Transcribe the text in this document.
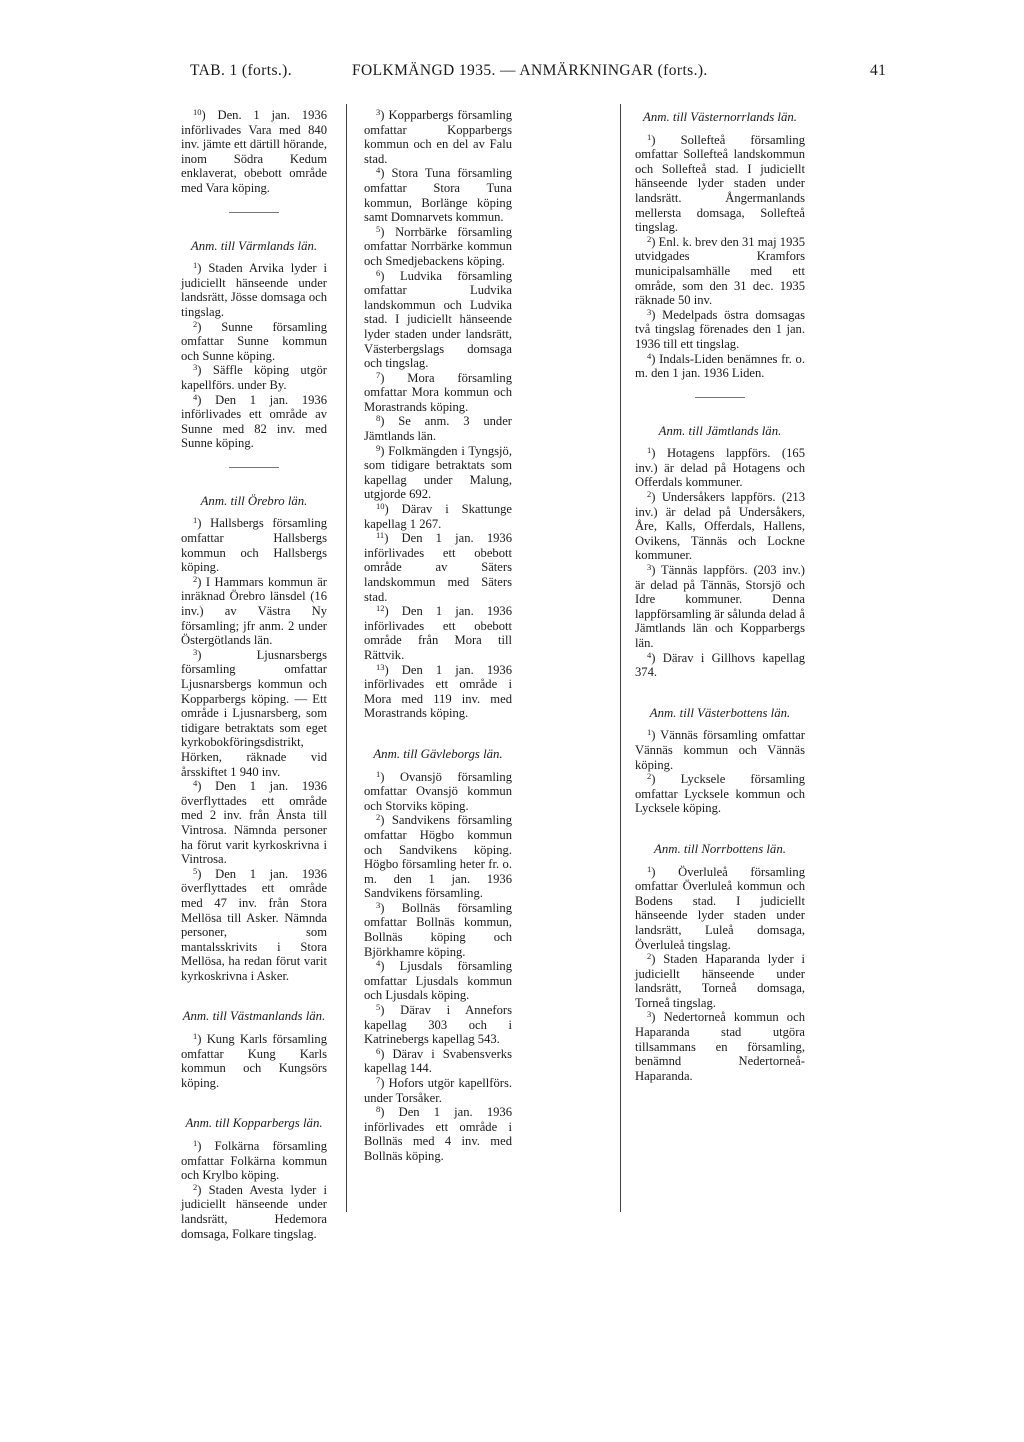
TAB. 1 (forts.).	FOLKMÄNGD 1935. — ANMÄRKNINGAR (forts.).	41

$^{10}$) Den. 1 jan. 1936 införlivades Vara med 840 inv. jämte ett därtill hörande, inom Södra Kedum enklaverat, obebott område med Vara köping.

Anm. till Värmlands län.

$^1$) Staden Arvika lyder i judiciellt hänseende under landsrätt, Jösse domsaga och tingslag.

$^2$) Sunne församling omfattar Sunne kommun och Sunne köping.

$^3$) Säffle köping utgör kapellförs. under By.

$^4$) Den 1 jan. 1936 införlivades ett område av Sunne med 82 inv. med Sunne köping.

Anm. till Örebro län.

$^1$) Hallsbergs församling omfattar Hallsbergs kommun och Hallsbergs köping.

$^2$) I Hammars kommun är inräknad Örebro länsdel (16 inv.) av Västra Ny församling; jfr anm. 2 under Östergötlands län.

$^3$) Ljusnarsbergs församling omfattar Ljusnarsbergs kommun och Kopparbergs köping. — Ett område i Ljusnarsberg, som tidigare betraktats som eget kyrkobokföringsdistrikt, Hörken, räknade vid årsskiftet 1 940 inv.

$^4$) Den 1 jan. 1936 överflyttades ett område med 2 inv. från Ånsta till Vintrosa. Nämnda personer ha förut varit kyrkoskrivna i Vintrosa.

$^5$) Den 1 jan. 1936 överflyttades ett område med 47 inv. från Stora Mellösa till Asker. Nämnda personer, som mantalsskrivits i Stora Mellösa, ha redan förut varit kyrkoskrivna i Asker.

Anm. till Västmanlands län.

$^1$) Kung Karls församling omfattar Kung Karls kommun och Kungsörs köping.

Anm. till Kopparbergs län.

$^1$) Folkärna församling omfattar Folkärna kommun och Krylbo köping.

$^2$) Staden Avesta lyder i judiciellt hänseende under landsrätt, Hedemora domsaga, Folkare tingslag.

$^3$) Kopparbergs församling omfattar Kopparbergs kommun och en del av Falu stad.

$^4$) Stora Tuna församling omfattar Stora Tuna kommun, Borlänge köping samt Domnarvets kommun.

$^5$) Norrbärke församling omfattar Norrbärke kommun och Smedjebackens köping.

$^6$) Ludvika församling omfattar Ludvika landskommun och Ludvika stad. I judiciellt hänseende lyder staden under landsrätt, Västerbergslags domsaga och tingslag.

$^7$) Mora församling omfattar Mora kommun och Morastrands köping.

$^8$) Se anm. 3 under Jämtlands län.

$^9$) Folkmängden i Tyngsjö, som tidigare betraktats som kapellag under Malung, utgjorde 692.

$^{10}$) Därav i Skattunge kapellag 1 267.

$^{11}$) Den 1 jan. 1936 införlivades ett obebott område av Säters landskommun med Säters stad.

$^{12}$) Den 1 jan. 1936 införlivades ett obebott område från Mora till Rättvik.

$^{13}$) Den 1 jan. 1936 införlivades ett område i Mora med 119 inv. med Morastrands köping.

Anm. till Gävleborgs län.

$^1$) Ovansjö församling omfattar Ovansjö kommun och Storviks köping.

$^2$) Sandvikens församling omfattar Högbo kommun och Sandvikens köping. Högbo församling heter fr. o. m. den 1 jan. 1936 Sandvikens församling.

$^3$) Bollnäs församling omfattar Bollnäs kommun, Bollnäs köping och Björkhamre köping.

$^4$) Ljusdals församling omfattar Ljusdals kommun och Ljusdals köping.

$^5$) Därav i Annefors kapellag 303 och i Katrinebergs kapellag 543.

$^6$) Därav i Svabensverks kapellag 144.

$^7$) Hofors utgör kapellförs. under Torsåker.

$^8$) Den 1 jan. 1936 införlivades ett område i Bollnäs med 4 inv. med Bollnäs köping.

Anm. till Västernorrlands län.

$^1$) Sollefteå församling omfattar Sollefteå landskommun och Sollefteå stad. I judiciellt hänseende lyder staden under landsrätt. Ångermanlands mellersta domsaga, Sollefteå tingslag.

$^2$) Enl. k. brev den 31 maj 1935 utvidgades Kramfors municipalsamhälle med ett område, som den 31 dec. 1935 räknade 50 inv.

$^3$) Medelpads östra domsagas två tingslag förenades den 1 jan. 1936 till ett tingslag.

$^4$) Indals-Liden benämnes fr. o. m. den 1 jan. 1936 Liden.

Anm. till Jämtlands län.

$^1$) Hotagens lappförs. (165 inv.) är delad på Hotagens och Offerdals kommuner.

$^2$) Undersåkers lappförs. (213 inv.) är delad på Undersåkers, Åre, Kalls, Offerdals, Hallens, Ovikens, Tännäs och Lockne kommuner.

$^3$) Tännäs lappförs. (203 inv.) är delad på Tännäs, Storsjö och Idre kommuner. Denna lappförsamling är sålunda delad å Jämtlands län och Kopparbergs län.

$^4$) Därav i Gillhovs kapellag 374.

Anm. till Västerbottens län.

$^1$) Vännäs församling omfattar Vännäs kommun och Vännäs köping.

$^2$) Lycksele församling omfattar Lycksele kommun och Lycksele köping.

Anm. till Norrbottens län.

$^1$) Överluleå församling omfattar Överluleå kommun och Bodens stad. I judiciellt hänseende lyder staden under landsrätt, Luleå domsaga, Överluleå tingslag.

$^2$) Staden Haparanda lyder i judiciellt hänseende under landsrätt, Torneå domsaga, Torneå tingslag.

$^3$) Nedertorneå kommun och Haparanda stad utgöra tillsammans en församling, benämnd Nedertorneå-Haparanda.
